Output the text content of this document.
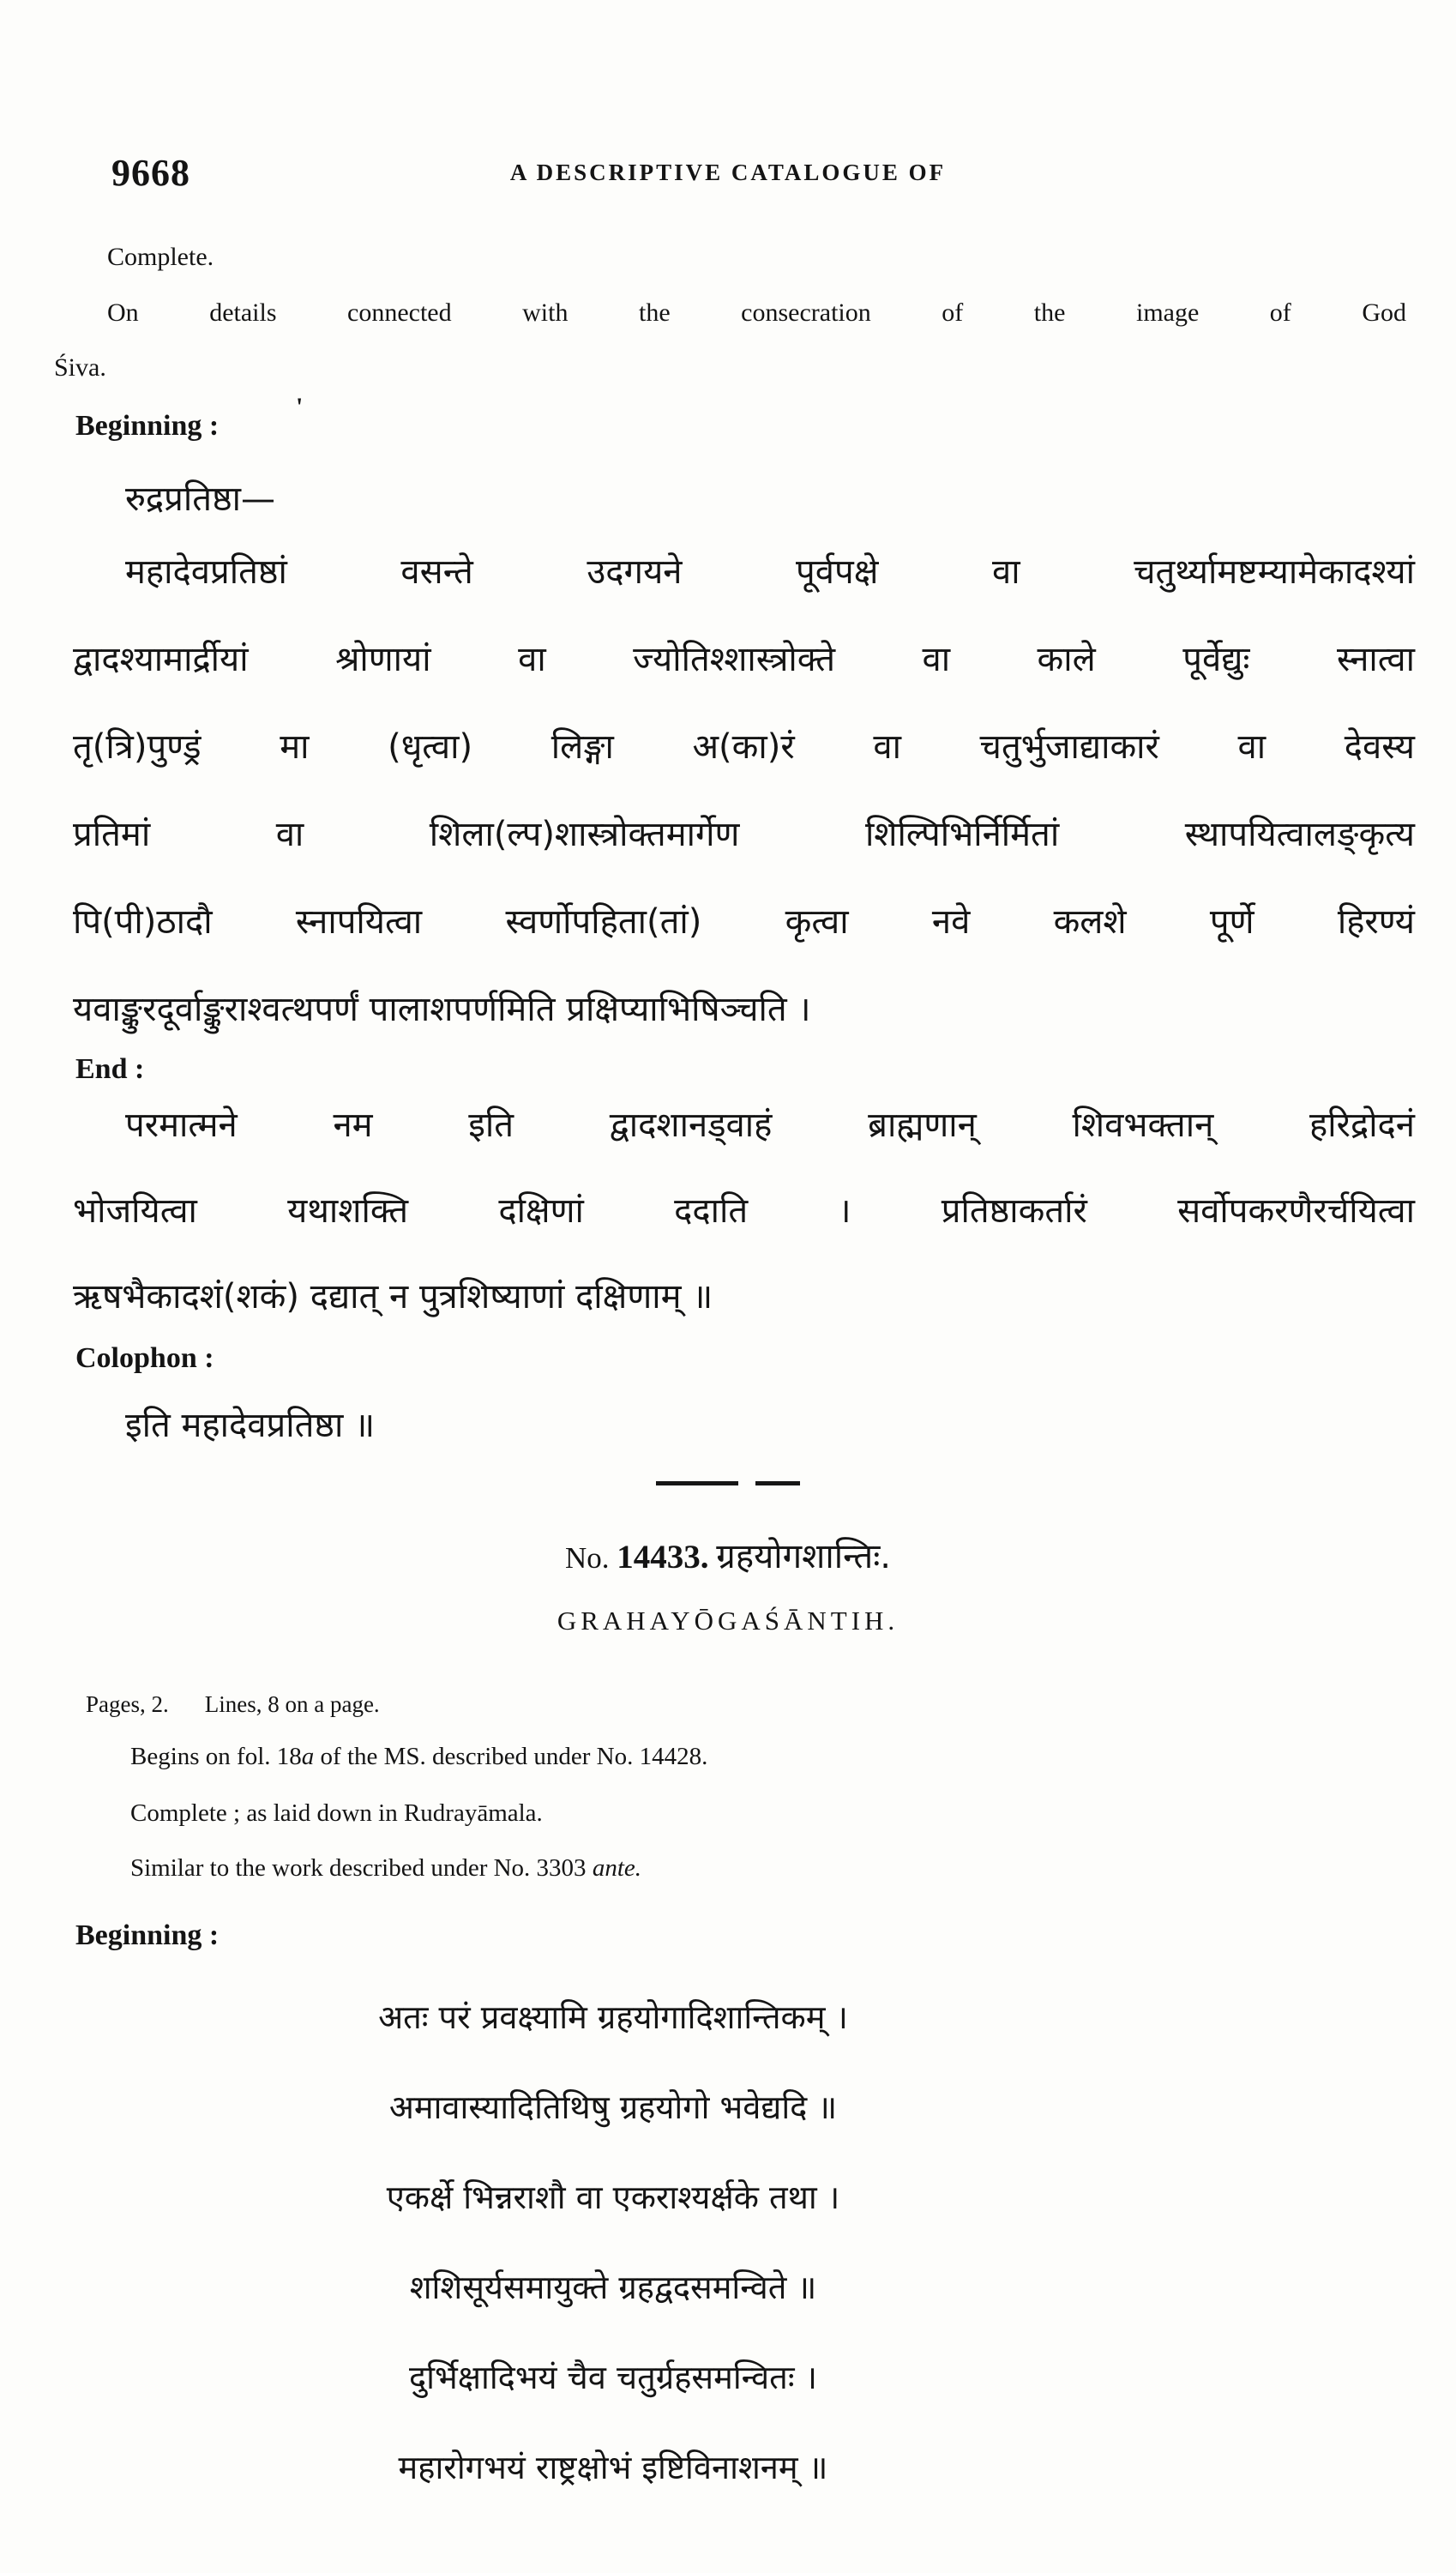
9668	A DESCRIPTIVE CATALOGUE OF
Complete.
On details connected with the consecration of the image of God
Śiva.
Beginning :
'
रुद्रप्रतिष्ठा—
महादेवप्रतिष्ठां वसन्ते उदगयने पूर्वपक्षे वा चतुर्थ्यामष्टम्यामेकादश्यां
द्वादश्यामार्द्रीयां श्रोणायां वा ज्योतिश्शास्त्रोक्ते वा काले पूर्वेद्युः स्नात्वा
तृ(त्रि)पुण्ड्रं मा (धृत्वा) लिङ्गा अ(का)रं वा चतुर्भुजाद्याकारं वा देवस्य
प्रतिमां वा शिला(ल्प)शास्त्रोक्तमार्गेण शिल्पिभिर्निर्मितां स्थापयित्वालङ्कृत्य
पि(पी)ठादौ स्नापयित्वा स्वर्णोपहिता(तां) कृत्वा नवे कलशे पूर्णे हिरण्यं
यवाङ्कुरदूर्वाङ्कुराश्वत्थपर्णं पालाशपर्णमिति प्रक्षिप्याभिषिञ्चति ।
End :
परमात्मने नम इति द्वादशानड्वाहं ब्राह्मणान् शिवभक्तान् हरिद्रोदनं
भोजयित्वा यथाशक्ति दक्षिणां ददाति । प्रतिष्ठाकर्तारं सर्वोपकरणैरर्चयित्वा
ऋषभैकादशं(शकं) दद्यात् न पुत्रशिष्याणां दक्षिणाम् ॥
Colophon :
इति महादेवप्रतिष्ठा ॥
No. 14433. ग्रहयोगशान्तिः.
GRAHAYŌGAŚĀNTIH.
Pages, 2. Lines, 8 on a page.
Begins on fol. 18a of the MS. described under No. 14428.
Complete ; as laid down in Rudrayāmala.
Similar to the work described under No. 3303 ante.
Beginning :
अतः परं प्रवक्ष्यामि ग्रहयोगादिशान्तिकम् ।
अमावास्यादितिथिषु ग्रहयोगो भवेद्यदि ॥
एकर्क्षे भिन्नराशौ वा एकराश्यर्क्षके तथा ।
शशिसूर्यसमायुक्ते ग्रहद्वदसमन्विते ॥
दुर्भिक्षादिभयं चैव चतुर्ग्रहसमन्वितः ।
महारोगभयं राष्ट्रक्षोभं इष्टिविनाशनम् ॥
